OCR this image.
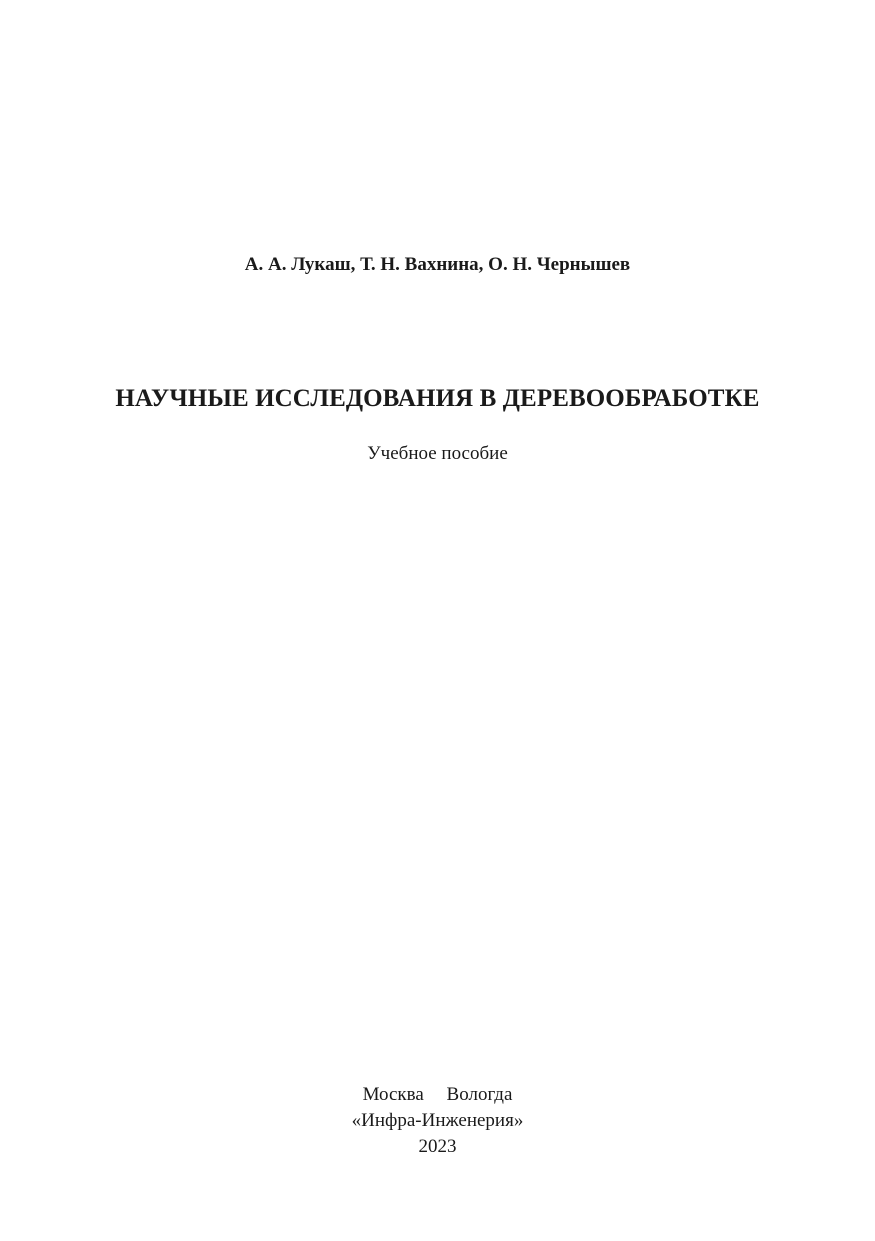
А. А. Лукаш, Т. Н. Вахнина, О. Н. Чернышев
НАУЧНЫЕ ИССЛЕДОВАНИЯ В ДЕРЕВООБРАБОТКЕ
Учебное пособие
Москва Вологда
«Инфра-Инженерия»
2023
